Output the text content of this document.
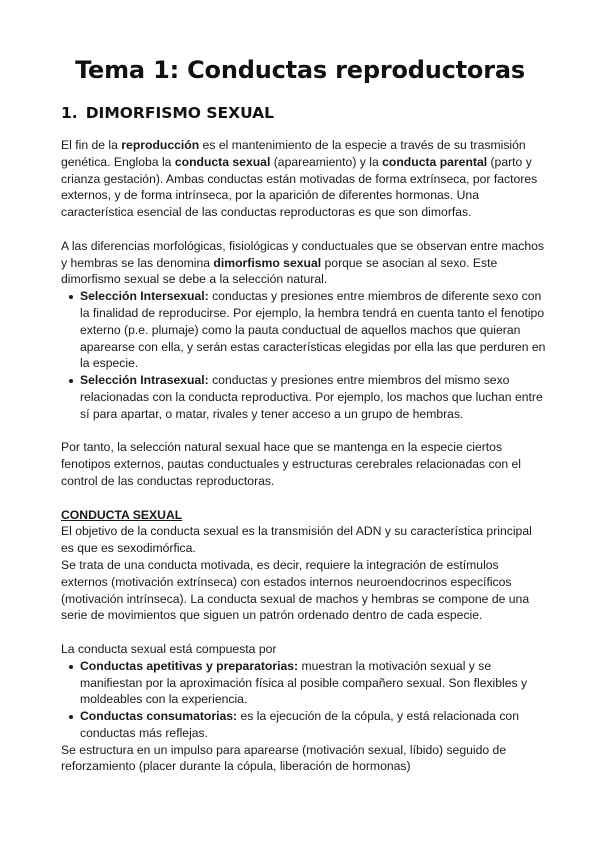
Tema 1: Conductas reproductoras
1. DIMORFISMO SEXUAL

El fin de la reproducción es el mantenimiento de la especie a través de su trasmisión genética. Engloba la conducta sexual (apareamiento) y la conducta parental (parto y crianza gestación). Ambas conductas están motivadas de forma extrínseca, por factores externos, y de forma intrínseca, por la aparición de diferentes hormonas. Una característica esencial de las conductas reproductoras es que son dimorfas.

A las diferencias morfológicas, fisiológicas y conductuales que se observan entre machos y hembras se las denomina dimorfismo sexual porque se asocian al sexo. Este dimorfismo sexual se debe a la selección natural.

Selección Intersexual: conductas y presiones entre miembros de diferente sexo con la finalidad de reproducirse. Por ejemplo, la hembra tendrá en cuenta tanto el fenotipo externo (p.e. plumaje) como la pauta conductual de aquellos machos que quieran aparearse con ella, y serán estas características elegidas por ella las que perduren en la especie.
Selección Intrasexual: conductas y presiones entre miembros del mismo sexo relacionadas con la conducta reproductiva. Por ejemplo, los machos que luchan entre sí para apartar, o matar, rivales y tener acceso a un grupo de hembras.

Por tanto, la selección natural sexual hace que se mantenga en la especie ciertos fenotipos externos, pautas conductuales y estructuras cerebrales relacionadas con el control de las conductas reproductoras.

CONDUCTA SEXUAL

El objetivo de la conducta sexual es la transmisión del ADN y su característica principal es que es sexodimórfica.

Se trata de una conducta motivada, es decir, requiere la integración de estímulos externos (motivación extrínseca) con estados internos neuroendocrinos específicos (motivación intrínseca). La conducta sexual de machos y hembras se compone de una serie de movimientos que siguen un patrón ordenado dentro de cada especie.

La conducta sexual está compuesta por

Conductas apetitivas y preparatorias: muestran la motivación sexual y se manifiestan por la aproximación física al posible compañero sexual. Son flexibles y moldeables con la experiencia.
Conductas consumatorias: es la ejecución de la cópula, y está relacionada con conductas más reflejas.

Se estructura en un impulso para aparearse (motivación sexual, líbido) seguido de reforzamiento (placer durante la cópula, liberación de hormonas)
